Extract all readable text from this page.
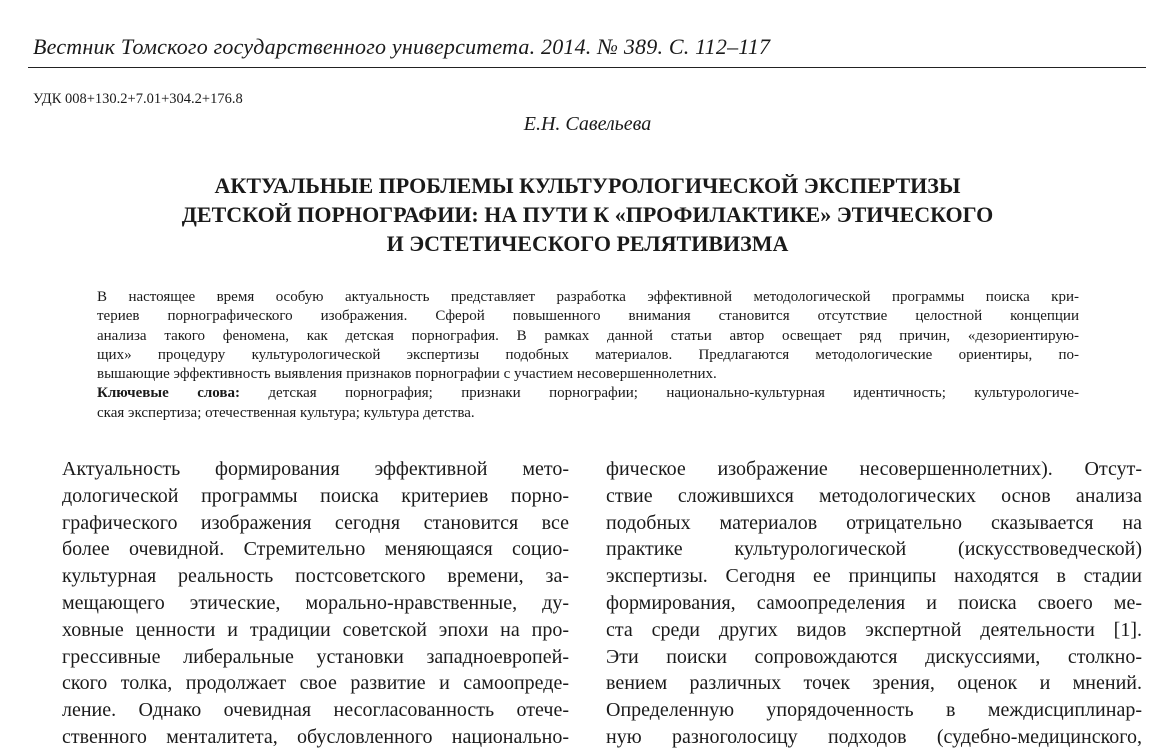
Вестник Томского государственного университета. 2014. № 389. С. 112–117
УДК 008+130.2+7.01+304.2+176.8
Е.Н. Савельева
АКТУАЛЬНЫЕ ПРОБЛЕМЫ КУЛЬТУРОЛОГИЧЕСКОЙ ЭКСПЕРТИЗЫ
ДЕТСКОЙ ПОРНОГРАФИИ: НА ПУТИ К «ПРОФИЛАКТИКЕ» ЭТИЧЕСКОГО
И ЭСТЕТИЧЕСКОГО РЕЛЯТИВИЗМА
В настоящее время особую актуальность представляет разработка эффективной методологической программы поиска кри-
териев порнографического изображения. Сферой повышенного внимания становится отсутствие целостной концепции
анализа такого феномена, как детская порнография. В рамках данной статьи автор освещает ряд причин, «дезориентирую-
щих» процедуру культурологической экспертизы подобных материалов. Предлагаются методологические ориентиры, по-
вышающие эффективность выявления признаков порнографии с участием несовершеннолетних.
Ключевые слова: детская порнография; признаки порнографии; национально-культурная идентичность; культурологиче-
ская экспертиза; отечественная культура; культура детства.
Актуальность формирования эффективной мето-
дологической программы поиска критериев порно-
графического изображения сегодня становится все
более очевидной. Стремительно меняющаяся социо-
культурная реальность постсоветского времени, за-
мещающего этические, морально-нравственные, ду-
ховные ценности и традиции советской эпохи на про-
грессивные либеральные установки западноевропей-
ского толка, продолжает свое развитие и самоопреде-
ление. Однако очевидная несогласованность отече-
ственного менталитета, обусловленного национально-
фическое изображение несовершеннолетних). Отсут-
ствие сложившихся методологических основ анализа
подобных материалов отрицательно сказывается на
практике культурологической (искусствоведческой)
экспертизы. Сегодня ее принципы находятся в стадии
формирования, самоопределения и поиска своего ме-
ста среди других видов экспертной деятельности [1].
Эти поиски сопровождаются дискуссиями, столкно-
вением различных точек зрения, оценок и мнений.
Определенную упорядоченность в междисциплинар-
ную разноголосицу подходов (судебно-медицинского,
